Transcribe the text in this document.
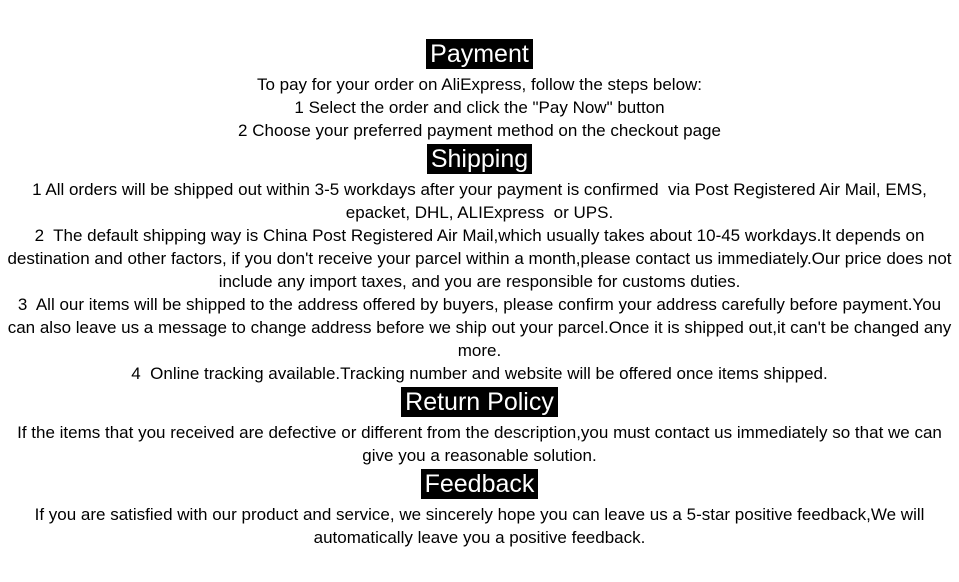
Payment

To pay for your order on AliExpress, follow the steps below:

1 Select the order and click the "Pay Now" button

2 Choose your preferred payment method on the checkout page

Shipping

1 All orders will be shipped out within 3-5 workdays after your payment is confirmed  via Post Registered Air Mail, EMS, epacket, DHL, ALIExpress  or UPS.

2  The default shipping way is China Post Registered Air Mail,which usually takes about 10-45 workdays.It depends on destination and other factors, if you don't receive your parcel within a month,please contact us immediately.Our price does not include any import taxes, and you are responsible for customs duties.

3  All our items will be shipped to the address offered by buyers, please confirm your address carefully before payment.You can also leave us a message to change address before we ship out your parcel.Once it is shipped out,it can't be changed any more.

4  Online tracking available.Tracking number and website will be offered once items shipped.

Return Policy

If the items that you received are defective or different from the description,you must contact us immediately so that we can give you a reasonable solution.

Feedback

If you are satisfied with our product and service, we sincerely hope you can leave us a 5-star positive feedback,We will automatically leave you a positive feedback.
